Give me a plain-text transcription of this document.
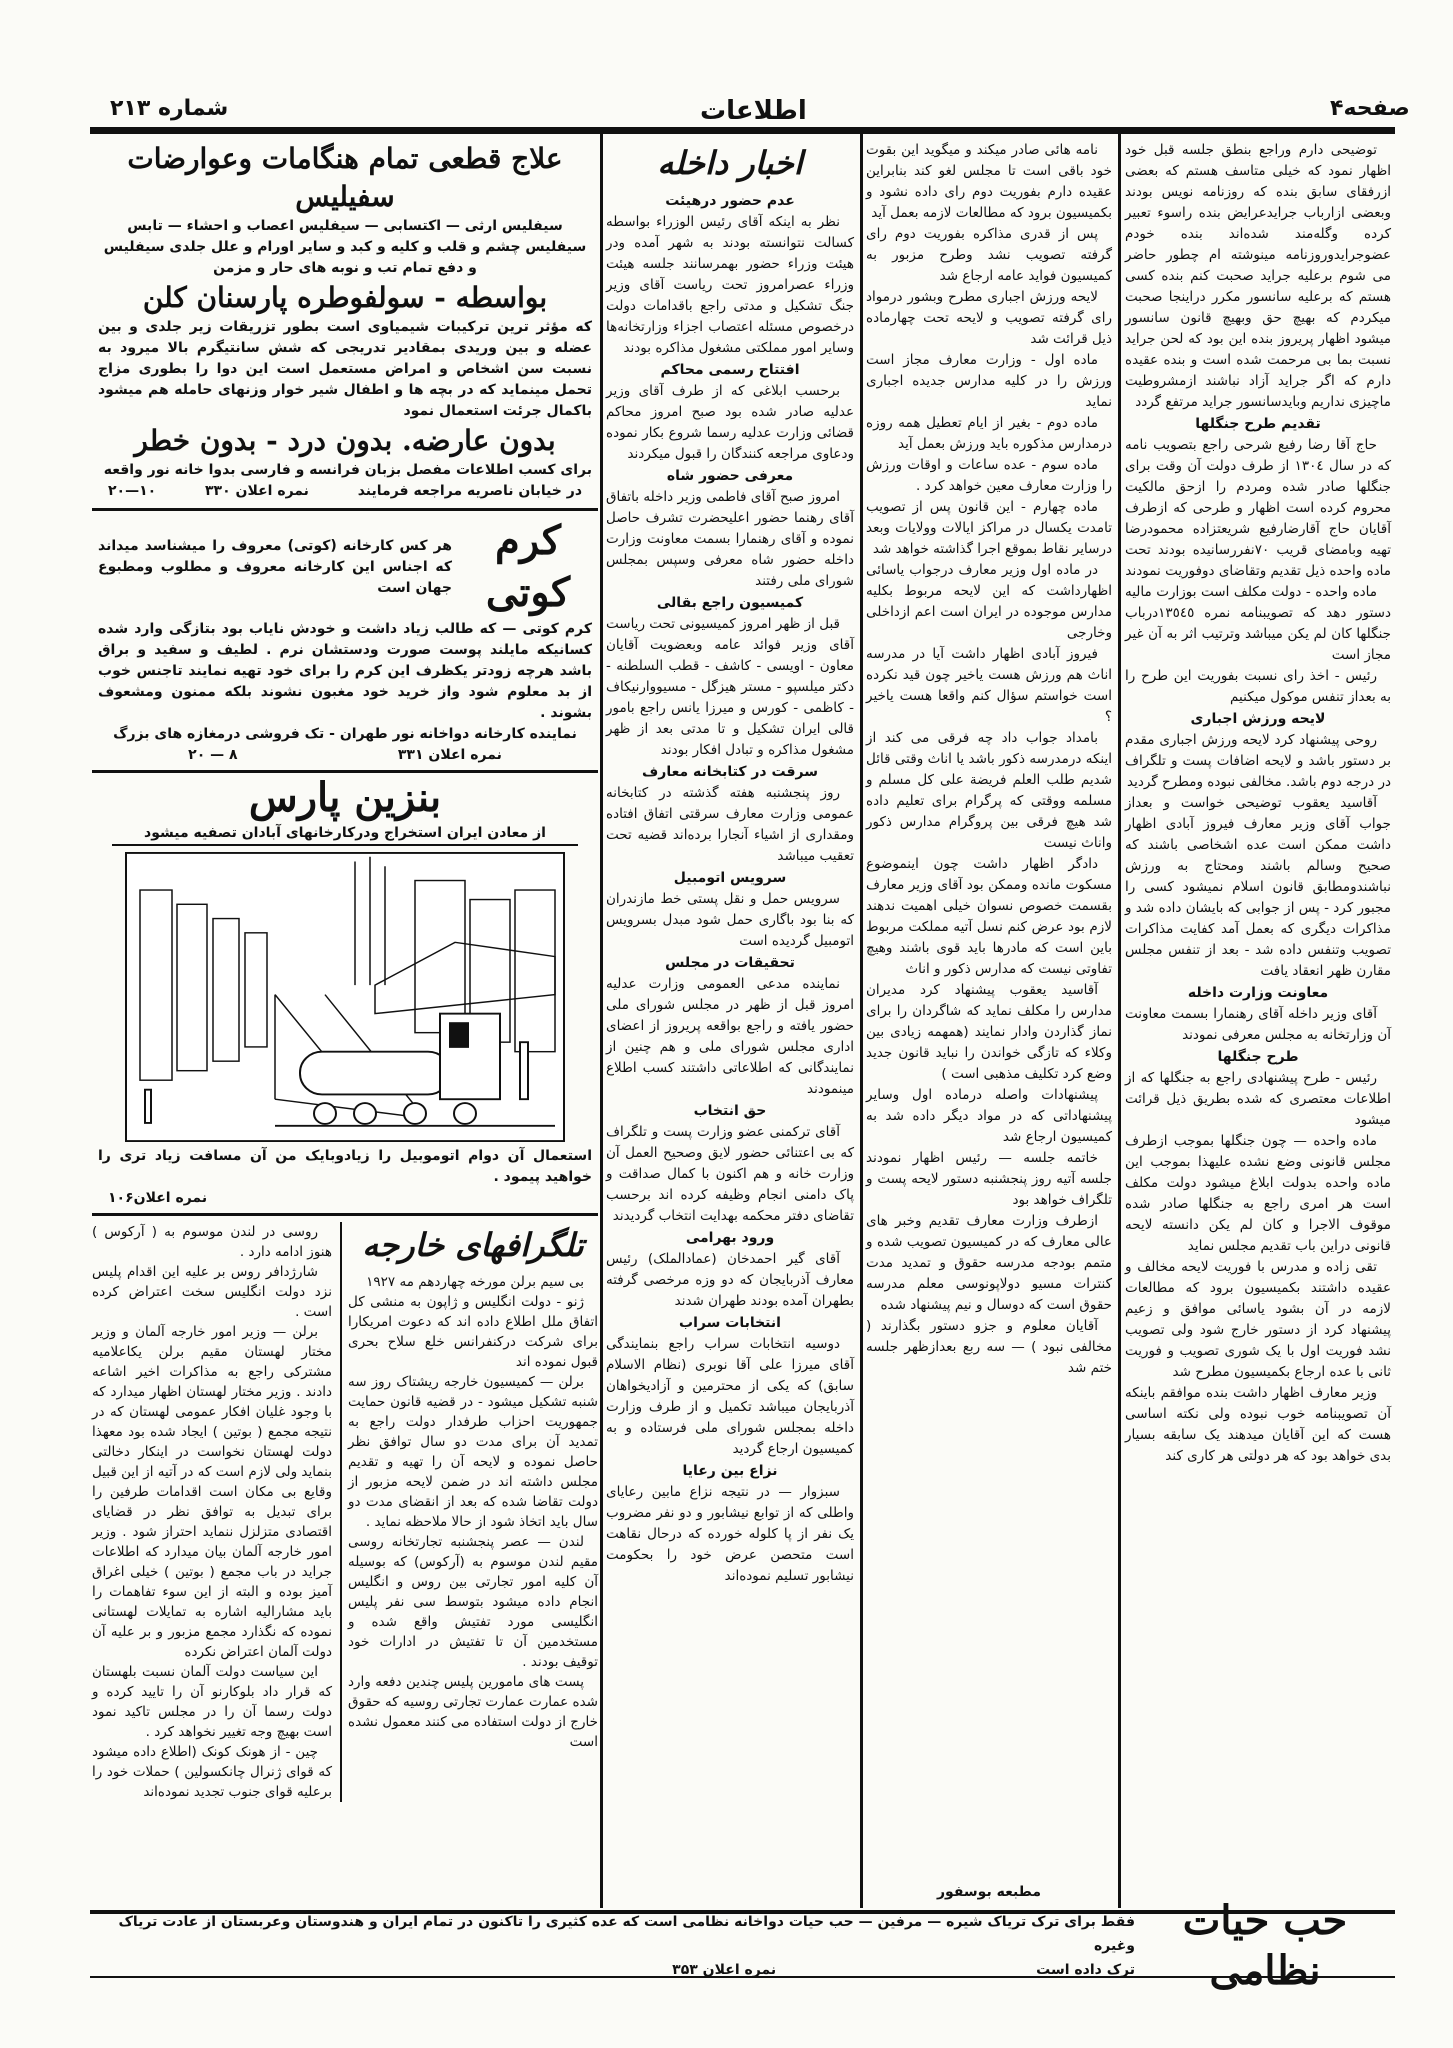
شماره ۲۱۳	اطلاعات	صفحه۴
علاج قطعی تمام هنگامات وعوارضات سفیلیس
سیفلیس ارثی — اکتسابی — سیفلیس اعصاب و احشاء — تابس
سیفلیس چشم و قلب و کلیه و کبد و سایر اورام و علل جلدی سیفلیس
و دفع تمام تب و نوبه های حار و مزمن
بواسطه - سولفوطره پارسنان کلن
که مؤثر ترین ترکیبات شیمیاوی است بطور تزریقات زیر جلدی و بین عضله و بین وریدی بمقادیر تدریجی که شش سانتیگرم بالا میرود به نسبت سن اشخاص و امراض مستعمل است این دوا را بطوری مزاج تحمل مینماید که در بچه ها و اطفال شیر خوار وزنهای حامله هم میشود باکمال جرئت استعمال نمود
بدون عارضه. بدون درد - بدون خطر
برای کسب اطلاعات مفصل بزبان فرانسه و فارسی بدوا خانه نور واقعه
در خیابان ناصریه مراجعه فرمایند
نمره اعلان ۳۳۰
۱۰—۲۰
کرم کوتی
هر کس کارخانه (کوتی) معروف را میشناسد میداند که اجناس این کارخانه معروف و مطلوب ومطبوع جهان است
کرم کوتی — که طالب زیاد داشت و خودش نایاب بود بتازگی وارد شده کسانیکه مایلند پوست صورت ودستشان نرم . لطیف و سفید و براق باشد هرچه زودتر یکظرف این کرم را برای خود تهیه نمایند تاجنس خوب از بد معلوم شود واز خرید خود مغبون نشوند بلکه ممنون ومشعوف بشوند .
نماینده کارخانه دواخانه نور طهران - تک فروشی درمغازه های بزرگ
نمره اعلان ۳۳۱
۸ — ۲۰
بنزین پارس
از معادن ایران استخراج ودرکارخانهای آبادان تصفیه میشود
استعمال آن دوام اتوموبیل را زیادوبایک من آن مسافت زیاد تری را خواهید پیمود .
نمره اعلان۱۰۶
تلگرافهای خارجه

بی سیم برلن مورخه چهاردهم مه ۱۹۲۷

ژنو - دولت انگلیس و ژاپون به منشی کل اتفاق ملل اطلاع داده اند که دعوت امریکارا برای شرکت درکنفرانس خلع سلاح بحری قبول نموده اند

برلن — کمیسیون خارجه ریشتاک روز سه شنبه تشکیل میشود - در قضیه قانون حمایت جمهوریت احزاب طرفدار دولت راجع به تمدید آن برای مدت دو سال توافق نظر حاصل نموده و لایحه آن را تهیه و تقدیم مجلس داشته اند در ضمن لایحه مزبور از دولت تقاضا شده که بعد از انقضای مدت دو سال باید اتخاذ شود از حالا ملاحظه نماید .

لندن — عصر پنجشنبه تجارتخانه روسی مقیم لندن موسوم به (آرکوس) که بوسیله آن کلیه امور تجارتی بین روس و انگلیس انجام داده میشود بتوسط سی نفر پلیس انگلیسی مورد تفتیش واقع شده و مستخدمین آن تا تفتیش در ادارات خود توقیف بودند .

پست های مامورین پلیس چندین دفعه وارد شده عمارت عمارت تجارتی روسیه که حقوق خارج از دولت استفاده می کنند معمول نشده است

روسی در لندن موسوم به ( آرکوس ) هنوز ادامه دارد .

شارژدافر روس بر علیه این اقدام پلیس نزد دولت انگلیس سخت اعتراض کرده است .

برلن — وزیر امور خارجه آلمان و وزیر مختار لهستان مقیم برلن یکاعلامیه مشترکی راجع به مذاکرات اخیر اشاعه دادند . وزیر مختار لهستان اظهار میدارد که با وجود غلیان افکار عمومی لهستان که در نتیجه مجمع ( بوتین ) ایجاد شده بود معهذا دولت لهستان نخواست در اینکار دخالتی بنماید ولی لازم است که در آتیه از این قبیل وقایع بی مکان است اقدامات طرفین را برای تبدیل به توافق نظر در قضایای اقتصادی متزلزل ننماید احتراز شود . وزیر امور خارجه آلمان بیان میدارد که اطلاعات جراید در باب مجمع ( بوتین ) خیلی اغراق آمیز بوده و البته از این سوء تفاهمات را باید مشارالیه اشاره به تمایلات لهستانی نموده که نگذارد مجمع مزبور و بر علیه آن دولت آلمان اعتراض نکرده

این سیاست دولت آلمان نسبت بلهستان که قرار داد بلوکارنو آن را تایید کرده و دولت رسما آن را در مجلس تاکید نمود است بهیچ وجه تغییر نخواهد کرد .

چین - از هونک کونک (اطلاع داده میشود که قوای ژنرال چانکسولین ) حملات خود را برعلیه قوای جنوب تجدید نموده‌اند

اخبار داخله
عدم حضور درهیئت

نظر به اینکه آقای رئیس الوزراء بواسطه کسالت نتوانسته بودند به شهر آمده ودر هیئت وزراء حضور بهمرسانند جلسه هیئت وزراء عصرامروز تحت ریاست آقای وزیر جنگ تشکیل و مدتی راجع باقدامات دولت درخصوص مسئله اعتصاب اجزاء وزارتخانه‌ها وسایر امور مملکتی مشغول مذاکره بودند

افتتاح رسمی محاکم

برحسب ابلاغی که از طرف آقای وزیر عدلیه صادر شده بود صبح امروز محاکم قضائی وزارت عدلیه رسما شروع بکار نموده ودعاوی مراجعه کنندگان را قبول میکردند

معرفی حضور شاه

امروز صبح آقای فاطمی وزیر داخله باتفاق آقای رهنما حضور اعلیحضرت تشرف حاصل نموده و آقای رهنمارا بسمت معاونت وزارت داخله حضور شاه معرفی وسپس بمجلس شورای ملی رفتند

کمیسیون راجع بقالی

قبل از ظهر امروز کمیسیونی تحت ریاست آقای وزیر فوائد عامه وبعضویت آقایان معاون - اویسی - کاشف - قطب السلطنه - دکتر میلسپو - مستر هیزگل - مسیووارنیکاف - کاظمی - کورس و میرزا یانس راجع بامور قالی ایران تشکیل و تا مدتی بعد از ظهر مشغول مذاکره و تبادل افکار بودند

سرقت در کتابخانه معارف

روز پنجشنبه هفته گذشته در کتابخانه عمومی وزارت معارف سرقتی اتفاق افتاده ومقداری از اشیاء آنجارا برده‌اند قضیه تحت تعقیب میباشد

سرویس اتومبیل

سرویس حمل و نقل پستی خط مازندران که بنا بود باگاری حمل شود مبدل بسرویس اتومبیل گردیده است

تحقیقات در مجلس

نماینده مدعی العمومی وزارت عدلیه امروز قبل از ظهر در مجلس شورای ملی حضور یافته و راجع بواقعه پریروز از اعضای اداری مجلس شورای ملی و هم چنین از نمایندگانی که اطلاعاتی داشتند کسب اطلاع مینمودند

حق انتخاب

آقای ترکمنی عضو وزارت پست و تلگراف که بی اعتنائی حضور لایق وصحیح العمل آن وزارت خانه و هم اکنون با کمال صداقت و پاک دامنی انجام وظیفه کرده اند برحسب تقاضای دفتر محکمه بهدایت انتخاب گردیدند

ورود بهرامی

آقای گیر احمدخان (عمادالملک) رئیس معارف آذربایجان که دو وزه مرخصی گرفته بطهران آمده بودند طهران شدند

انتخابات سراب

دوسیه انتخابات سراب راجع بنمایندگی آقای میرزا علی آقا نوبری (نظام الاسلام سابق) که یکی از محترمین و آزادیخواهان آذربایجان میباشد تکمیل و از طرف وزارت داخله بمجلس شورای ملی فرستاده و به کمیسیون ارجاع گردید

نزاع بین رعایا

سبزوار — در نتیجه نزاع مابین رعایای واطلی که از توابع نیشابور و دو نفر مضروب یک نفر از پا کلوله خورده که درحال نقاهت است متحصن عرض خود را بحکومت نیشابور تسلیم نموده‌اند

نامه هائی صادر میکند و میگوید این بقوت خود باقی است تا مجلس لغو کند بنابراین عقیده دارم بفوریت دوم رای داده نشود و بکمیسیون برود که مطالعات لازمه بعمل آید

پس از قدری مذاکره بفوریت دوم رای گرفته تصویب نشد وطرح مزبور به کمیسیون فواید عامه ارجاع شد

لایحه ورزش اجباری مطرح وبشور درمواد رای گرفته تصویب و لایحه تحت چهارماده ذیل قرائت شد

ماده اول - وزارت معارف مجاز است ورزش را در کلیه مدارس جدیده اجباری نماید

ماده دوم - بغیر از ایام تعطیل همه روزه درمدارس مذکوره باید ورزش بعمل آید

ماده سوم - عده ساعات و اوقات ورزش را وزارت معارف معین خواهد کرد .

ماده چهارم - این قانون پس از تصویب تامدت یکسال در مراکز ایالات وولایات وبعد درسایر نقاط بموقع اجرا گذاشته خواهد شد

در ماده اول وزیر معارف درجواب یاسائی اظهارداشت که این لایحه مربوط بکلیه مدارس موجوده در ایران است اعم ازداخلی وخارجی

فیروز آبادی اظهار داشت آیا در مدرسه اناث هم ورزش هست یاخیر چون قید نکرده است خواستم سؤال کنم واقعا هست یاخیر ؟

بامداد جواب داد چه فرقی می کند از اینکه درمدرسه ذکور باشد یا اناث وقتی قائل شدیم طلب العلم فریضة علی کل مسلم و مسلمه ووقتی که پرگرام برای تعلیم داده شد هیچ فرقی بین پروگرام مدارس ذکور واناث نیست

دادگر اظهار داشت چون اینموضوع مسکوت مانده وممکن بود آقای وزیر معارف بقسمت خصوص نسوان خیلی اهمیت ندهند لازم بود عرض کنم نسل آتیه مملکت مربوط باین است که مادرها باید قوی باشند وهیچ تفاوتی نیست که مدارس ذکور و اناث

آقاسید یعقوب پیشنهاد کرد مدیران مدارس را مکلف نماید که شاگردان را برای نماز گذاردن وادار نمایند (همهمه زیادی بین وکلاء که تازگی خواندن را نباید قانون جدید وضع کرد تکلیف مذهبی است )

پیشنهادات واصله درماده اول وسایر پیشنهاداتی که در مواد دیگر داده شد به کمیسیون ارجاع شد

خاتمه جلسه — رئیس اظهار نمودند جلسه آتیه روز پنجشنبه دستور لایحه پست و تلگراف خواهد بود

ازطرف وزارت معارف تقدیم وخبر های عالی معارف که در کمیسیون تصویب شده و متمم بودجه مدرسه حقوق و تمدید مدت کنترات مسیو دولاپونوسی معلم مدرسه حقوق است که دوسال و نیم پیشنهاد شده

آقایان معلوم و جزو دستور بگذارند ( مخالفی نبود ) — سه ربع بعدازظهر جلسه ختم شد

توضیحی دارم وراجع بنطق جلسه قبل خود اظهار نمود که خیلی متاسف هستم که بعضی ازرفقای سابق بنده که روزنامه نویس بودند وبعضی ازارباب جرایدعرایض بنده راسوء تعبیر کرده وگله‌مند شده‌اند بنده خودم عضوجرایدوروزنامه مینوشته ام چطور حاضر می شوم برعلیه جراید صحبت کنم بنده کسی هستم که برعلیه سانسور مکرر دراینجا صحبت میکردم که بهیچ حق وبهیچ قانون سانسور میشود اظهار پریروز بنده این بود که لحن جراید نسبت بما بی مرحمت شده است و بنده عقیده دارم که اگر جراید آزاد نباشند ازمشروطیت ماچیزی نداریم وبایدسانسور جراید مرتفع گردد

تقدیم طرح جنگلها

حاج آقا رضا رفیع شرحی راجع بتصویب نامه که در سال ۱۳۰٤ از طرف دولت آن وقت برای جنگلها صادر شده ومردم را ازحق مالکیت محروم کرده است اظهار و طرحی که ازطرف آقایان حاج آقارضارفیع شریعتزاده محمودرضا تهیه وبامضای قریب ۷۰نفررسانیده بودند تحت ماده واحده ذیل تقدیم وتقاضای دوفوریت نمودند

ماده واحده - دولت مکلف است بوزارت مالیه دستور دهد که تصویبنامه نمره ١٣٥٤٥درباب جنگلها کان لم یکن میباشد وترتیب اثر به آن غیر مجاز است

رئیس - اخذ رای نسبت بفوریت این طرح را به بعداز تنفس موکول میکنیم

لایحه ورزش اجباری

روحی پیشنهاد کرد لایحه ورزش اجباری مقدم بر دستور باشد و لایحه اضافات پست و تلگراف در درجه دوم باشد. مخالفی نبوده ومطرح گردید

آقاسید یعقوب توضیحی خواست و بعداز جواب آقای وزیر معارف فیروز آبادی اظهار داشت ممکن است عده اشخاصی باشند که صحیح وسالم باشند ومحتاج به ورزش نباشندومطابق قانون اسلام نمیشود کسی را مجبور کرد - پس از جوابی که بایشان داده شد و مذاکرات دیگری که بعمل آمد کفایت مذاکرات تصویب وتنفس داده شد - بعد از تنفس مجلس مقارن ظهر انعقاد یافت

معاونت وزارت داخله

آقای وزیر داخله آقای رهنمارا بسمت معاونت آن وزارتخانه به مجلس معرفی نمودند

طرح جنگلها

رئیس - طرح پیشنهادی راجع به جنگلها که از اطلاعات معتصری که شده بطریق ذیل قرائت میشود

ماده واحده — چون جنگلها بموجب ازطرف مجلس قانونی وضع نشده علیهذا بموجب این ماده واحده بدولت ابلاغ میشود دولت مکلف است هر امری راجع به جنگلها صادر شده موقوف الاجرا و کان لم یکن دانسته لایحه قانونی دراین باب تقدیم مجلس نماید

تقی زاده و مدرس با فوریت لایحه مخالف و عقیده داشتند بکمیسیون برود که مطالعات لازمه در آن بشود یاسائی موافق و زعیم پیشنهاد کرد از دستور خارج شود ولی تصویب نشد فوریت اول با یک شوری تصویب و فوریت ثانی با عده ارجاع بکمیسیون مطرح شد

وزیر معارف اظهار داشت بنده موافقم باینکه آن تصویبنامه خوب نبوده ولی نکته اساسی هست که این آقایان میدهند یک سابقه بسیار بدی خواهد بود که هر دولتی هر کاری کند

مطبعه بوسفور
حب حیات نظامی
فقط برای ترک تریاک شیره — مرفین — حب حیات دواخانه نظامی است که عده کثیری را تاکنون در تمام ایران و هندوستان وعربستان از عادت تریاک وغیره
ترک داده است
نمره اعلان ۳۵۳
